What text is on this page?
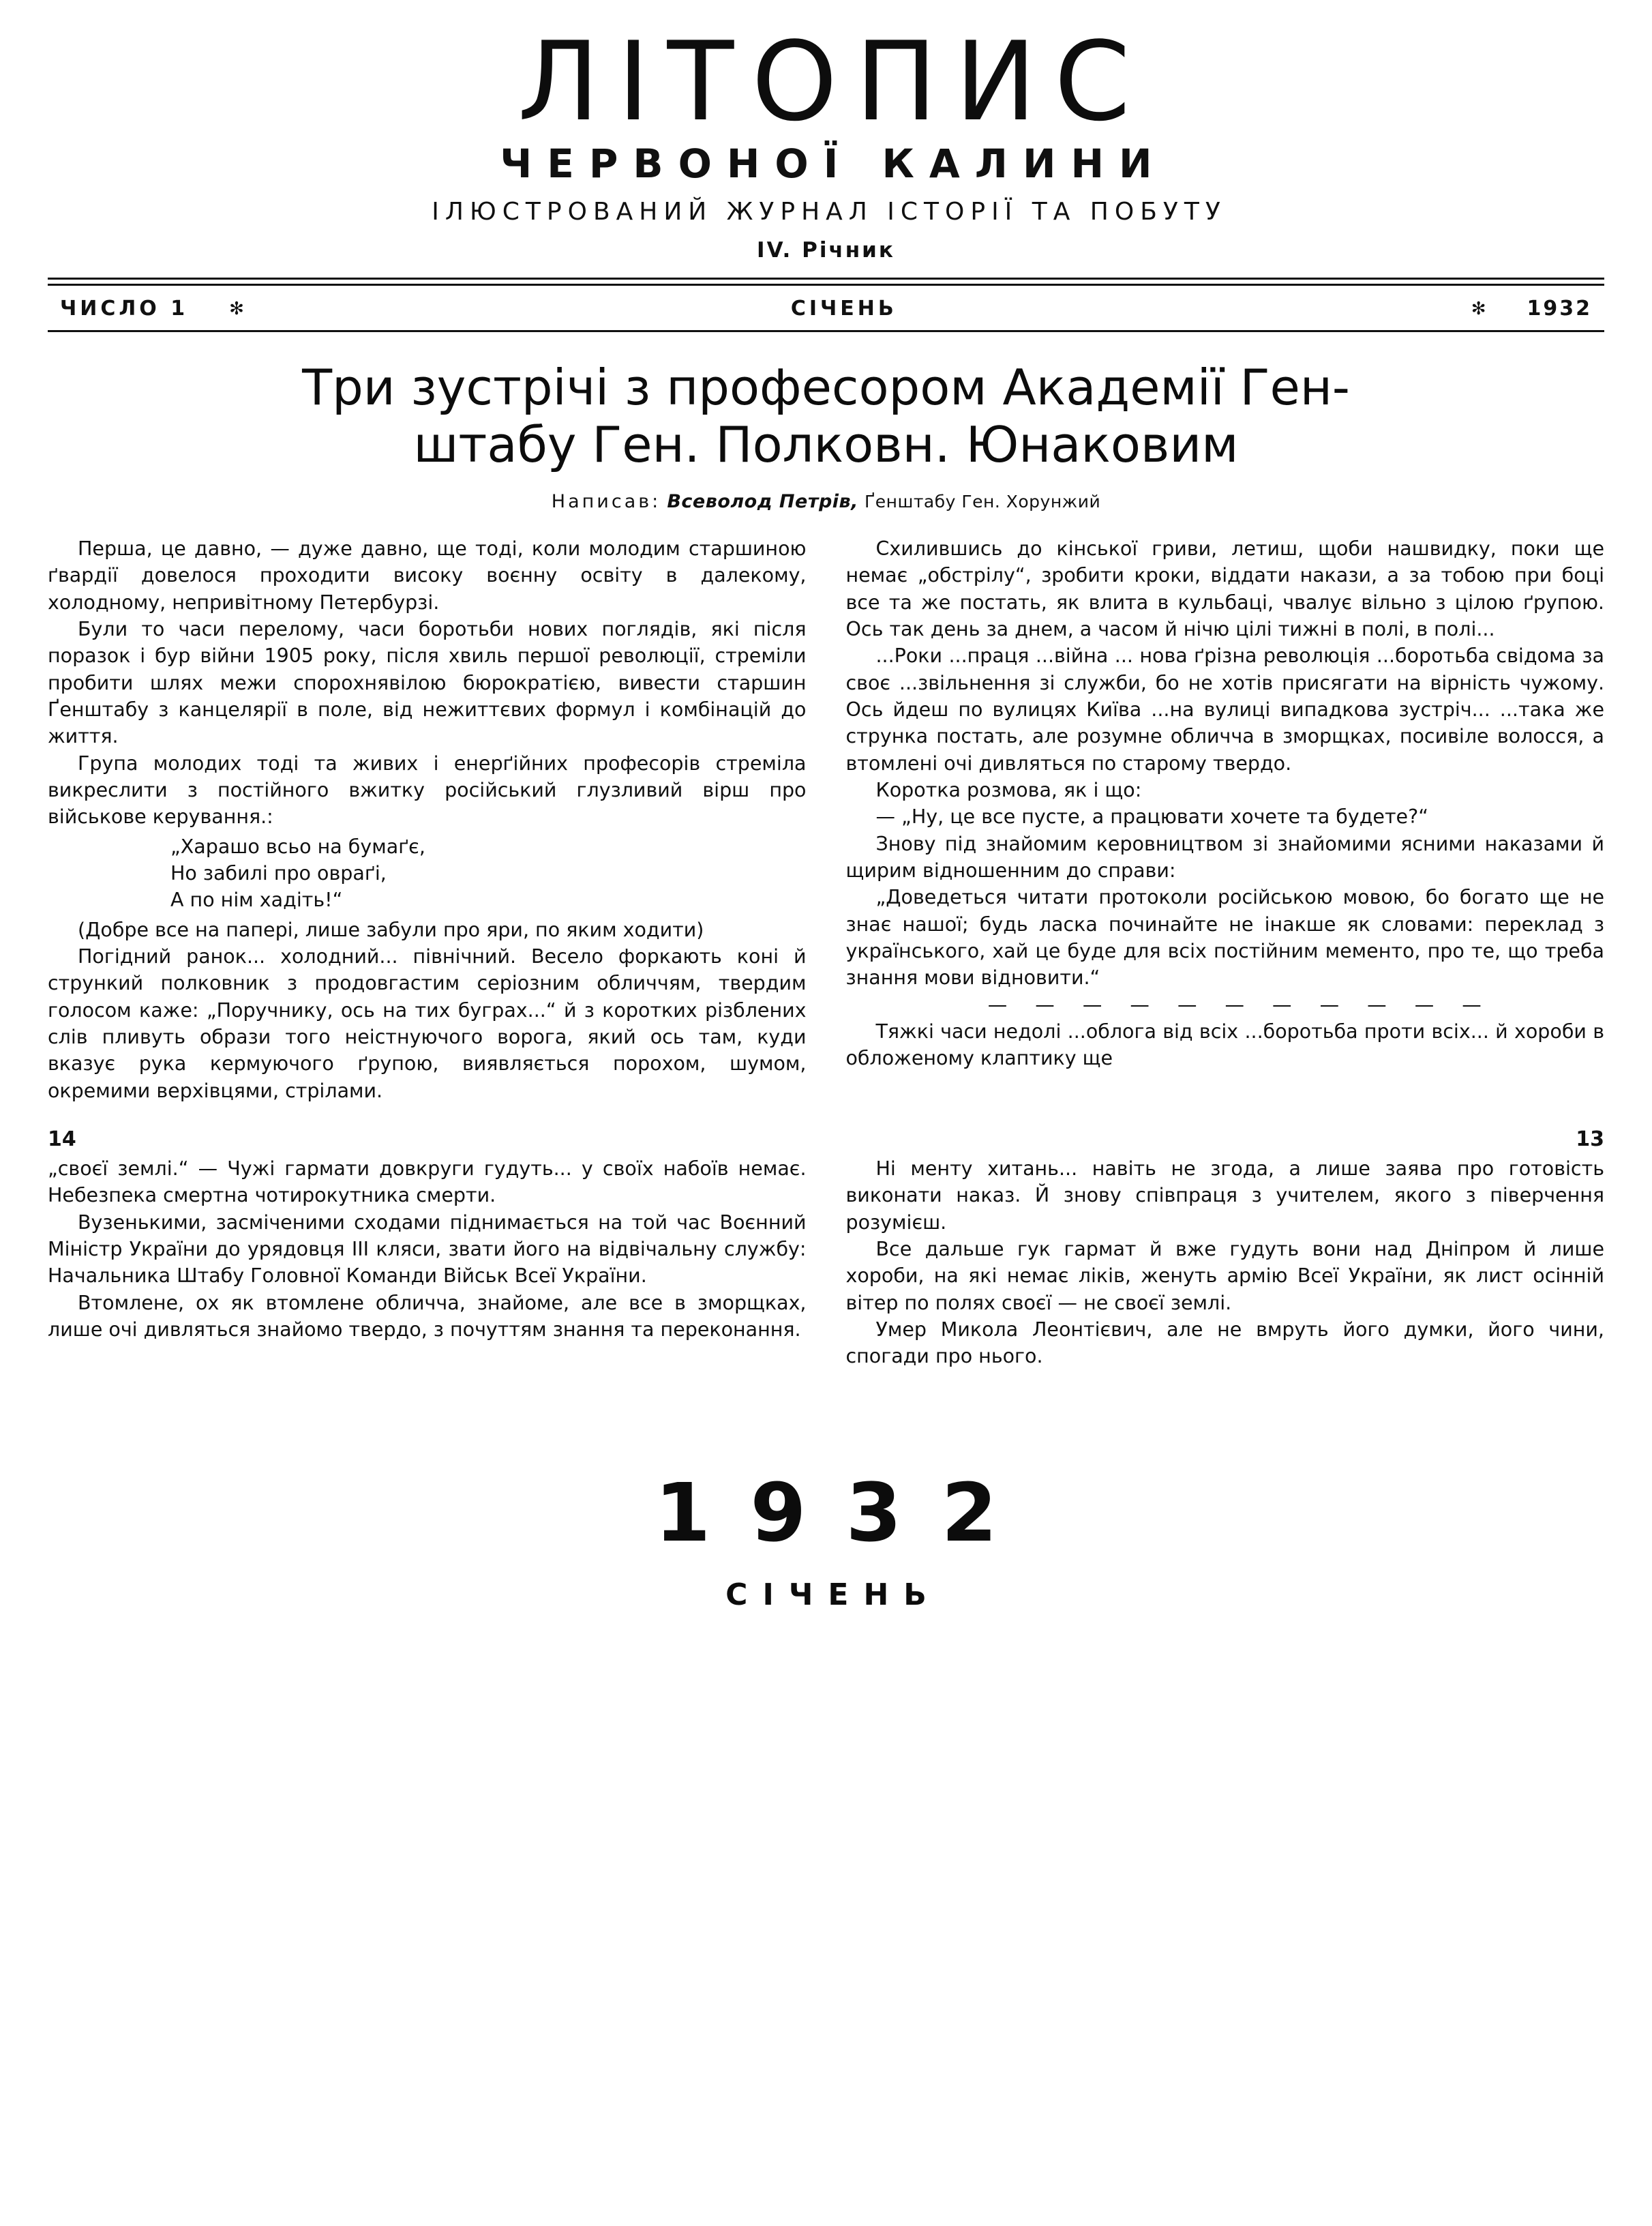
ЛІТОПИС
ЧЕРВОНОЇ КАЛИНИ
ІЛЮСТРОВАНИЙ ЖУРНАЛ ІСТОРІЇ ТА ПОБУТУ
IV. Річник
ЧИСЛО 1 ✻	СІЧЕНЬ	✻ 1932
Три зустрічі з професором Академії Ген-
штабу Ген. Полковн. Юнаковим
Написав: Всеволод Петрів, Ґенштабу Ген. Хорунжий

Перша, це давно, — дуже давно, ще тоді, коли молодим старшиною ґвардії довелося проходити високу воєнну освіту в далекому, холодному, непривітному Петербурзі.

Були то часи перелому, часи боротьби нових поглядів, які після поразок і бур війни 1905 року, після хвиль першої революції, стреміли пробити шлях межи спорохнявілою бюрократією, вивести старшин Ґенштабу з канцелярії в поле, від нежиттєвих формул і комбінацій до життя.

Група молодих тоді та живих і енерґійних професорів стреміла викреслити з постійного вжитку російський глузливий вірш про військове керування.:

„Харашо всьо на бумаґє,
Но забилі про овраґі,
А по нім хадіть!“

(Добре все на папері, лише забули про яри, по яким ходити)

Погідний ранок... холодний... північний. Весело форкають коні й стрункий полковник з продовгастим серіозним обличчям, твердим голосом каже: „Поручнику, ось на тих буграх...“ й з коротких різблених слів пливуть образи того неістнуючого ворога, який ось там, куди вказує рука кермуючого ґрупою, виявляється порохом, шумом, окремими верхівцями, стрілами.

Схилившись до кінської гриви, летиш, щоби нашвидку, поки ще немає „обстрілу“, зробити кроки, віддати накази, а за тобою при боці все та же постать, як влита в кульбаці, чвалує вільно з цілою ґрупою. Ось так день за днем, а часом й нічю цілі тижні в полі, в полі...

...Роки ...праця ...війна ... нова ґрізна революція ...боротьба свідома за своє ...звільнення зі служби, бо не хотів присягати на вірність чужому. Ось йдеш по вулицях Київа ...на вулиці випадкова зустріч... ...така же струнка постать, але розумне обличча в зморщках, посивіле волосся, а втомлені очі дивляться по старому твердо.

Коротка розмова, як і що:

— „Ну, це все пусте, а працювати хочете та будете?“

Знову під знайомим керовництвом зі знайомими ясними наказами й щирим відношенним до справи:

„Доведеться читати протоколи російською мовою, бо богато ще не знає нашої; будь ласка починайте не інакше як словами: переклад з українського, хай це буде для всіх постійним мементо, про те, що треба знання мови відновити.“

— — — — — — — — — — —

Тяжкі часи недолі ...облога від всіх ...боротьба проти всіх... й хороби в обложеному клаптику ще

14	13

„своєї землі.“ — Чужі гармати довкруги гудуть... у своїх набоїв немає. Небезпека смертна чотирокутника смерти.

Вузенькими, засміченими сходами піднимається на той час Воєнний Міністр України до урядовця III кляси, звати його на відвічальну службу: Начальника Штабу Головної Команди Військ Всеї України.

Втомлене, ох як втомлене обличча, знайоме, але все в зморщках, лише очі дивляться знайомо твердо, з почуттям знання та переконання.

Ні менту хитань... навіть не згода, а лише заява про готовість виконати наказ. Й знову співпраця з учителем, якого з піверчення розумієш.

Все дальше гук гармат й вже гудуть вони над Дніпром й лише хороби, на які немає ліків, женуть армію Всеї України, як лист осінній вітер по полях своєї — не своєї землі.

Умер Микола Леонтієвич, але не вмруть його думки, його чини, спогади про нього.

1932
СІЧЕНЬ
